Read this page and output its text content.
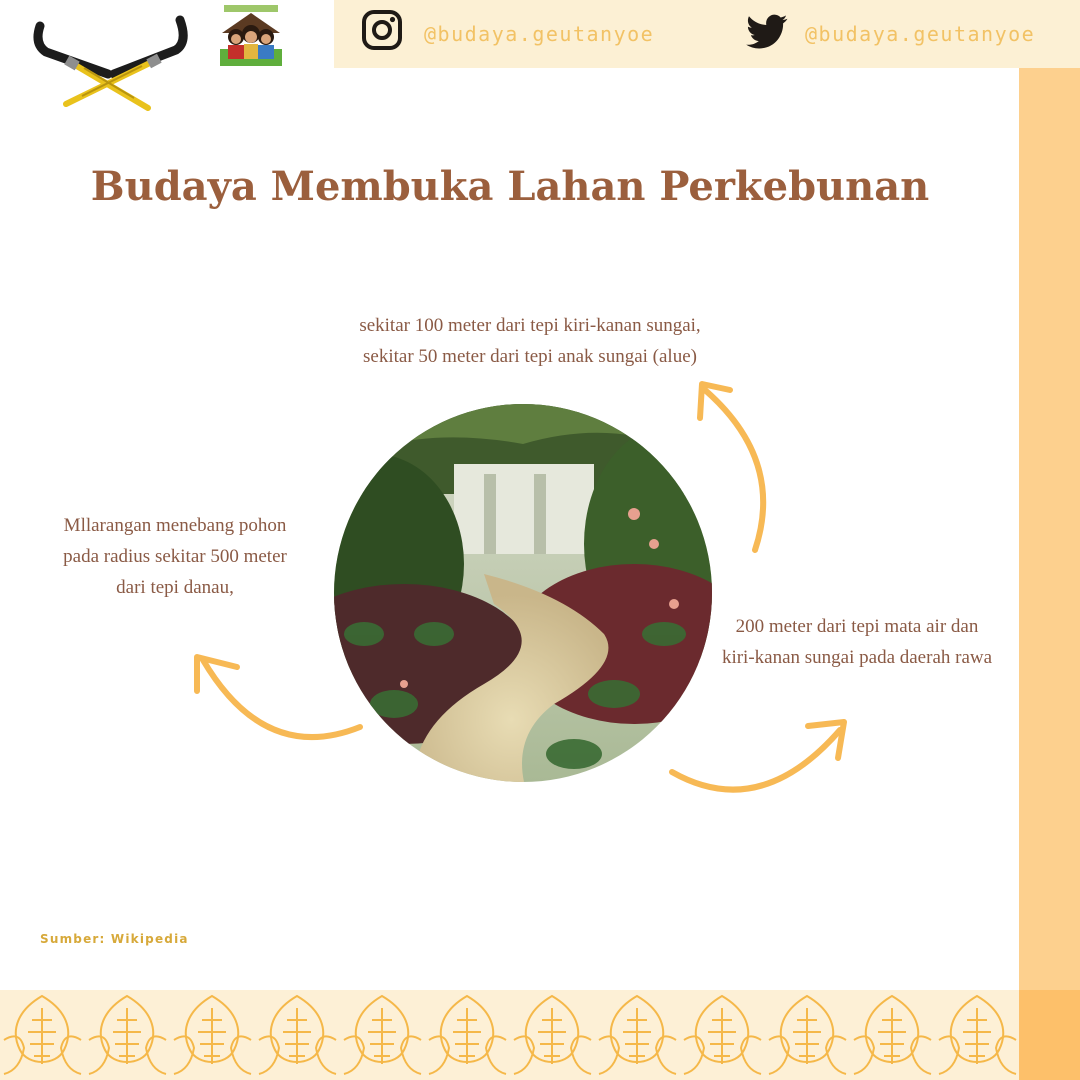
@budaya.geutanyoe	@budaya.geutanyoe
Budaya Membuka Lahan Perkebunan

sekitar 100 meter dari tepi kiri-kanan sungai,
sekitar 50 meter dari tepi anak sungai (alue)

Mllarangan menebang pohon
pada radius sekitar 500 meter
dari tepi danau,

200 meter dari tepi mata air dan
kiri-kanan sungai pada daerah rawa

Sumber: Wikipedia
